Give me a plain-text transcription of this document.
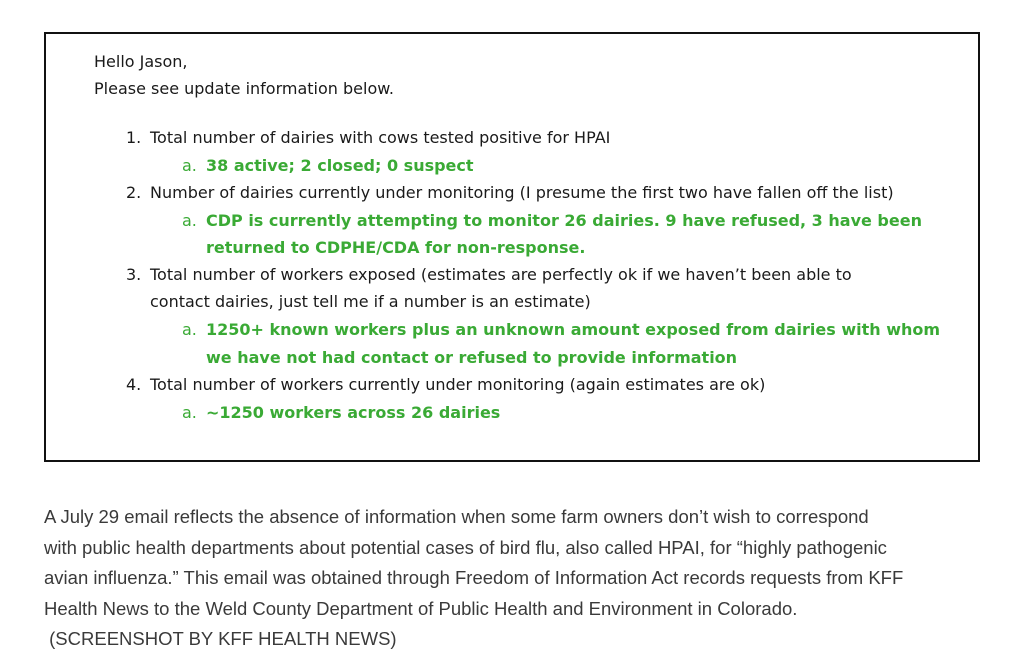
Hello Jason,
Please see update information below.
1. Total number of dairies with cows tested positive for HPAI
a. 38 active; 2 closed; 0 suspect
2. Number of dairies currently under monitoring (I presume the first two have fallen off the list)
a. CDP is currently attempting to monitor 26 dairies. 9 have refused, 3 have been
returned to CDPHE/CDA for non-response.
3. Total number of workers exposed (estimates are perfectly ok if we haven’t been able to
contact dairies, just tell me if a number is an estimate)
a. 1250+ known workers plus an unknown amount exposed from dairies with whom
we have not had contact or refused to provide information
4. Total number of workers currently under monitoring (again estimates are ok)
a. ~1250 workers across 26 dairies
A July 29 email reflects the absence of information when some farm owners don’t wish to correspond
with public health departments about potential cases of bird flu, also called HPAI, for “highly pathogenic
avian influenza.” This email was obtained through Freedom of Information Act records requests from KFF
Health News to the Weld County Department of Public Health and Environment in Colorado.
(SCREENSHOT BY KFF HEALTH NEWS)
